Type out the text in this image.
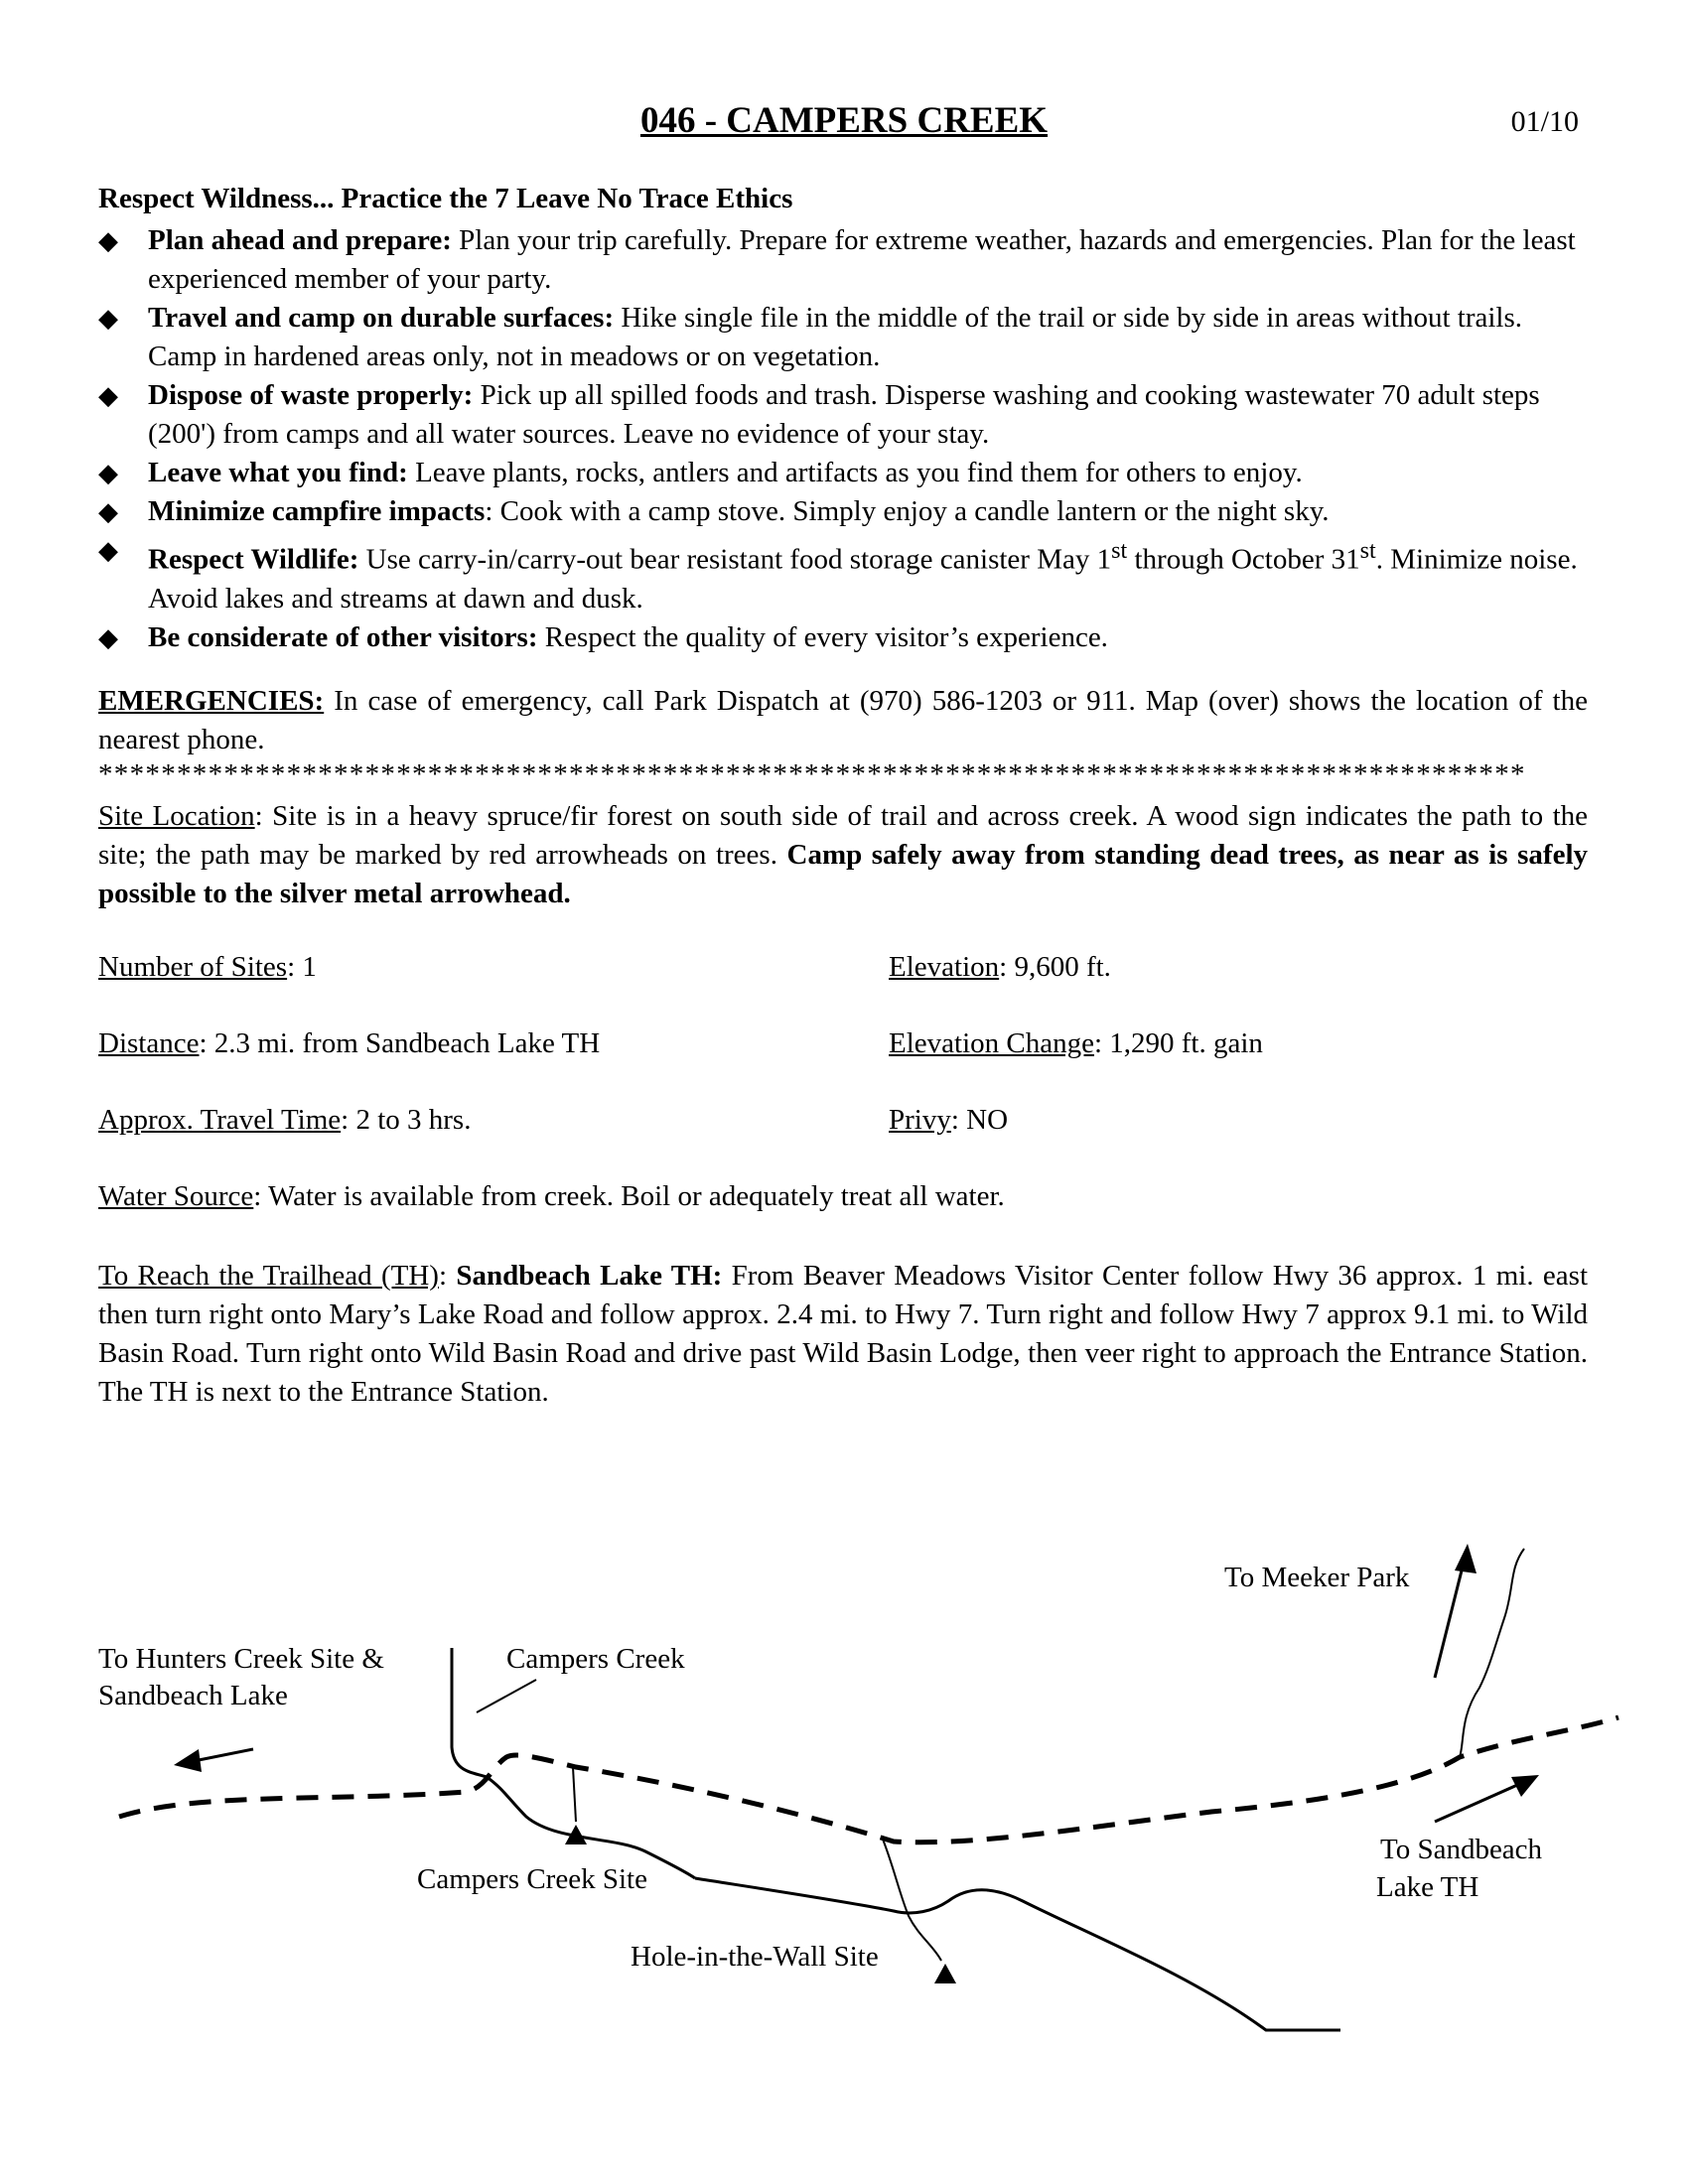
046 - CAMPERS CREEK	01/10
Respect Wildness... Practice the 7 Leave No Trace Ethics
◆ Plan ahead and prepare: Plan your trip carefully. Prepare for extreme weather, hazards and emergencies. Plan for the least experienced member of your party.
◆ Travel and camp on durable surfaces: Hike single file in the middle of the trail or side by side in areas without trails. Camp in hardened areas only, not in meadows or on vegetation.
◆ Dispose of waste properly: Pick up all spilled foods and trash. Disperse washing and cooking wastewater 70 adult steps (200') from camps and all water sources. Leave no evidence of your stay.
◆ Leave what you find: Leave plants, rocks, antlers and artifacts as you find them for others to enjoy.
◆ Minimize campfire impacts: Cook with a camp stove. Simply enjoy a candle lantern or the night sky.
◆ Respect Wildlife: Use carry-in/carry-out bear resistant food storage canister May 1st through October 31st. Minimize noise. Avoid lakes and streams at dawn and dusk.
◆ Be considerate of other visitors: Respect the quality of every visitor’s experience.
EMERGENCIES: In case of emergency, call Park Dispatch at (970) 586-1203 or 911. Map (over) shows the location of the nearest phone.
*******************************************************************************************
Site Location: Site is in a heavy spruce/fir forest on south side of trail and across creek. A wood sign indicates the path to the site; the path may be marked by red arrowheads on trees. Camp safely away from standing dead trees, as near as is safely possible to the silver metal arrowhead.
Number of Sites: 1	Elevation: 9,600 ft.
Distance: 2.3 mi. from Sandbeach Lake TH	Elevation Change: 1,290 ft. gain
Approx. Travel Time: 2 to 3 hrs.	Privy: NO
Water Source: Water is available from creek. Boil or adequately treat all water.
To Reach the Trailhead (TH): Sandbeach Lake TH: From Beaver Meadows Visitor Center follow Hwy 36 approx. 1 mi. east then turn right onto Mary’s Lake Road and follow approx. 2.4 mi. to Hwy 7. Turn right and follow Hwy 7 approx 9.1 mi. to Wild Basin Road. Turn right onto Wild Basin Road and drive past Wild Basin Lodge, then veer right to approach the Entrance Station. The TH is next to the Entrance Station.
To Hunters Creek Site &
Sandbeach Lake
Campers Creek
To Meeker Park
Campers Creek Site
Hole-in-the-Wall Site
To Sandbeach
Lake TH
